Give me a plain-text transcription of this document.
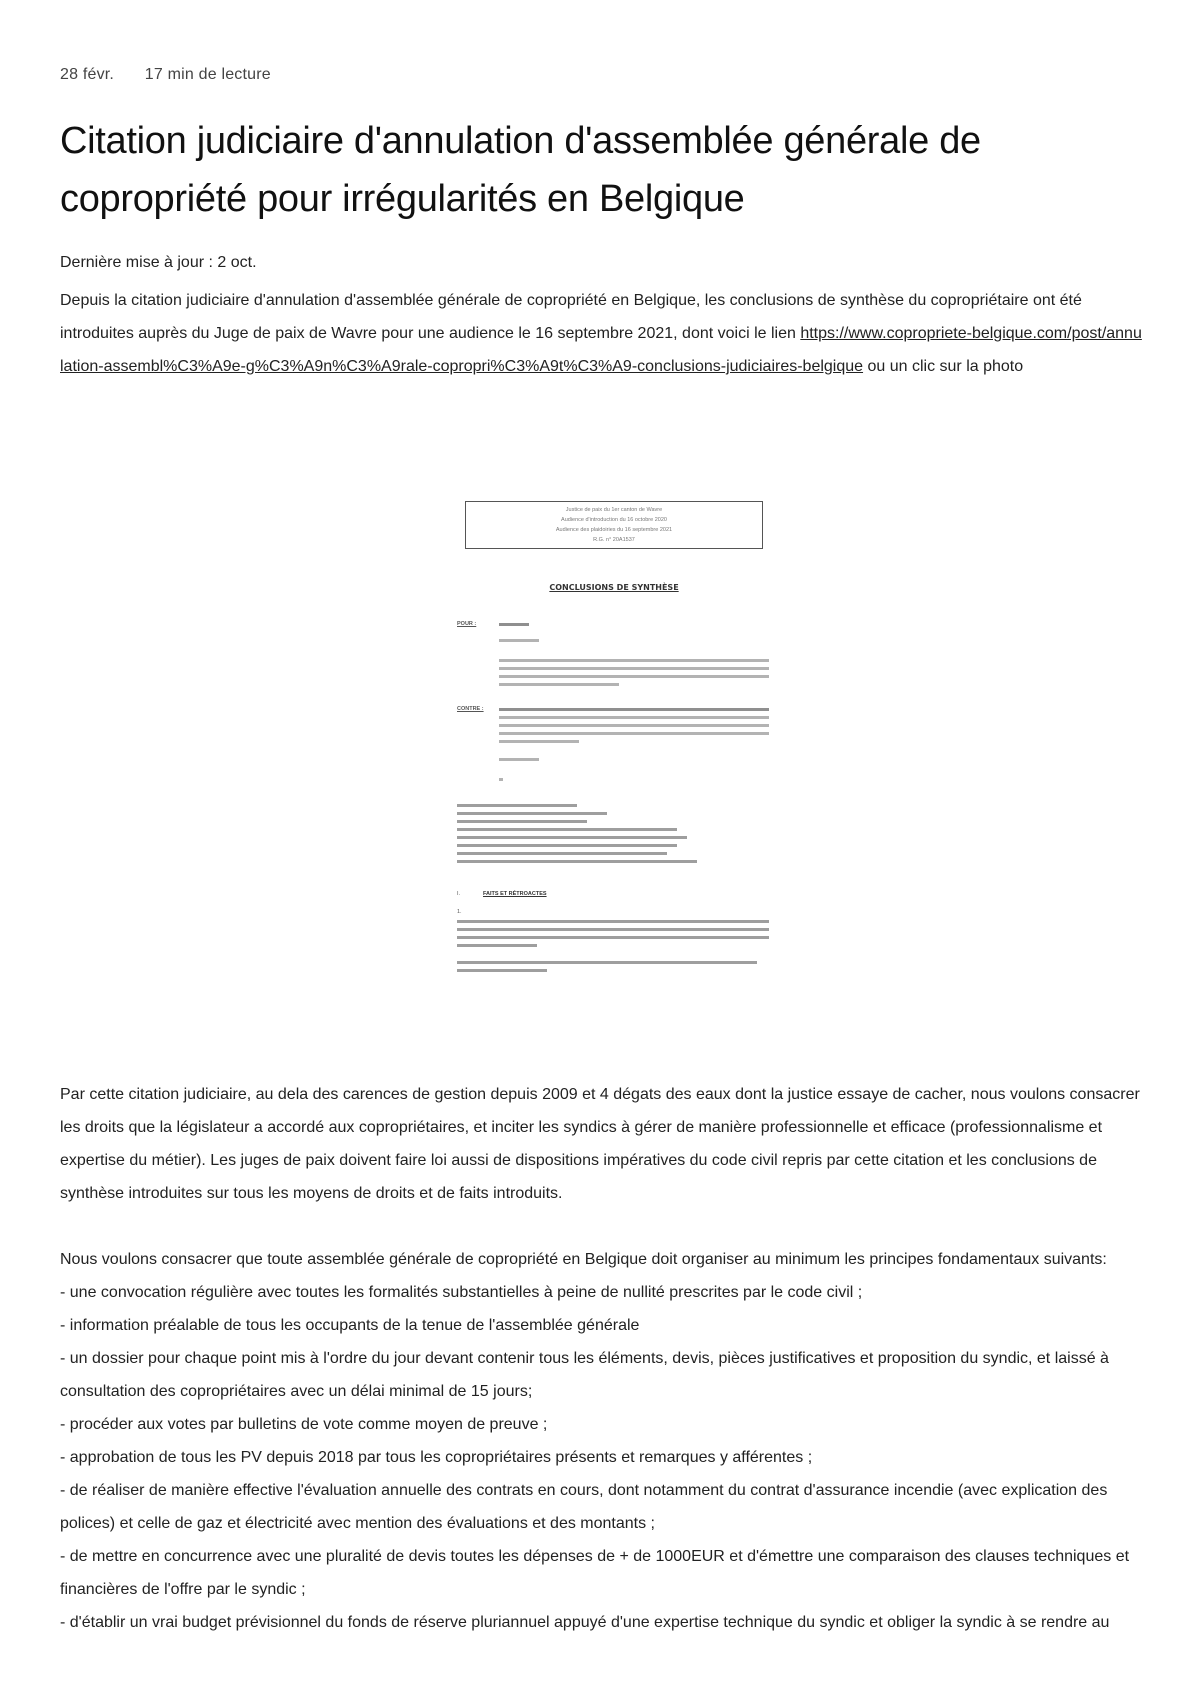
28 févr. 17 min de lecture
Citation judiciaire d'annulation d'assemblée générale de copropriété pour irrégularités en Belgique
Dernière mise à jour : 2 oct.

Depuis la citation judiciaire d'annulation d'assemblée générale de copropriété en Belgique, les conclusions de synthèse du copropriétaire ont été introduites auprès du Juge de paix de Wavre pour une audience le 16 septembre 2021, dont voici le lien https://www.copropriete-belgique.com/post/annulation-assembl%C3%A9e-g%C3%A9n%C3%A9rale-copropri%C3%A9t%C3%A9-conclusions-judiciaires-belgique ou un clic sur la photo

Justice de paix du 1er canton de Wavre
Audience d'introduction du 16 octobre 2020
Audience des plaidoiries du 16 septembre 2021
R.G. n° 20A1537
CONCLUSIONS DE SYNTHÈSE
POUR :
CONTRE :
I.	FAITS ET RÉTROACTES
1.

Par cette citation judiciaire, au dela des carences de gestion depuis 2009 et 4 dégats des eaux dont la justice essaye de cacher, nous voulons consacrer les droits que la législateur a accordé aux copropriétaires, et inciter les syndics à gérer de manière professionnelle et efficace (professionnalisme et expertise du métier). Les juges de paix doivent faire loi aussi de dispositions impératives du code civil repris par cette citation et les conclusions de synthèse introduites sur tous les moyens de droits et de faits introduits.

Nous voulons consacrer que toute assemblée générale de copropriété en Belgique doit organiser au minimum les principes fondamentaux suivants:

- une convocation régulière avec toutes les formalités substantielles à peine de nullité prescrites par le code civil ;
- information préalable de tous les occupants de la tenue de l'assemblée générale
- un dossier pour chaque point mis à l'ordre du jour devant contenir tous les éléments, devis, pièces justificatives et proposition du syndic, et laissé à consultation des copropriétaires avec un délai minimal de 15 jours;
- procéder aux votes par bulletins de vote comme moyen de preuve ;
- approbation de tous les PV depuis 2018 par tous les copropriétaires présents et remarques y afférentes ;
- de réaliser de manière effective l'évaluation annuelle des contrats en cours, dont notamment du contrat d'assurance incendie (avec explication des polices) et celle de gaz et électricité avec mention des évaluations et des montants ;
- de mettre en concurrence avec une pluralité de devis toutes les dépenses de + de 1000EUR et d'émettre une comparaison des clauses techniques et financières de l'offre par le syndic ;
- d'établir un vrai budget prévisionnel du fonds de réserve pluriannuel appuyé d'une expertise technique du syndic et obliger la syndic à se rendre au
